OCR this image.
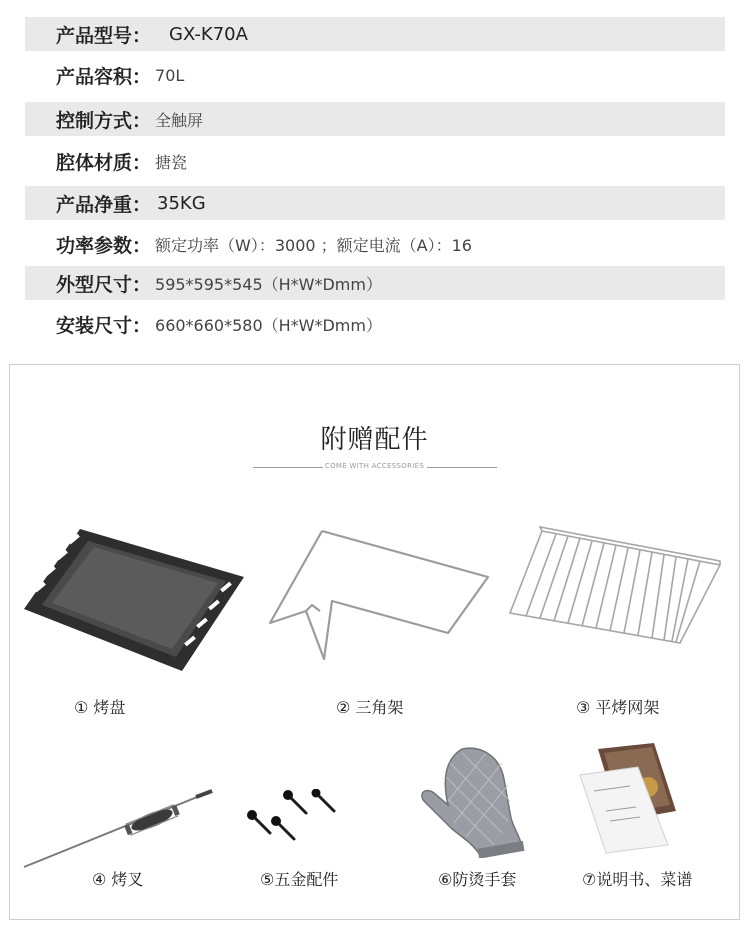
产品型号： GX-K70A
产品容积： 70L
控制方式： 全触屏
腔体材质： 搪瓷
产品净重： 35KG
功率参数： 额定功率（W）：3000 ；额定电流（A）：16
外型尺寸： 595*595*545（H*W*Dmm）
安装尺寸： 660*660*580（H*W*Dmm）
附赠配件
COME WITH ACCESSORIES
① 烤盘	② 三角架	③ 平烤网架
④ 烤叉	⑤五金配件	⑥防烫手套	⑦说明书、菜谱
